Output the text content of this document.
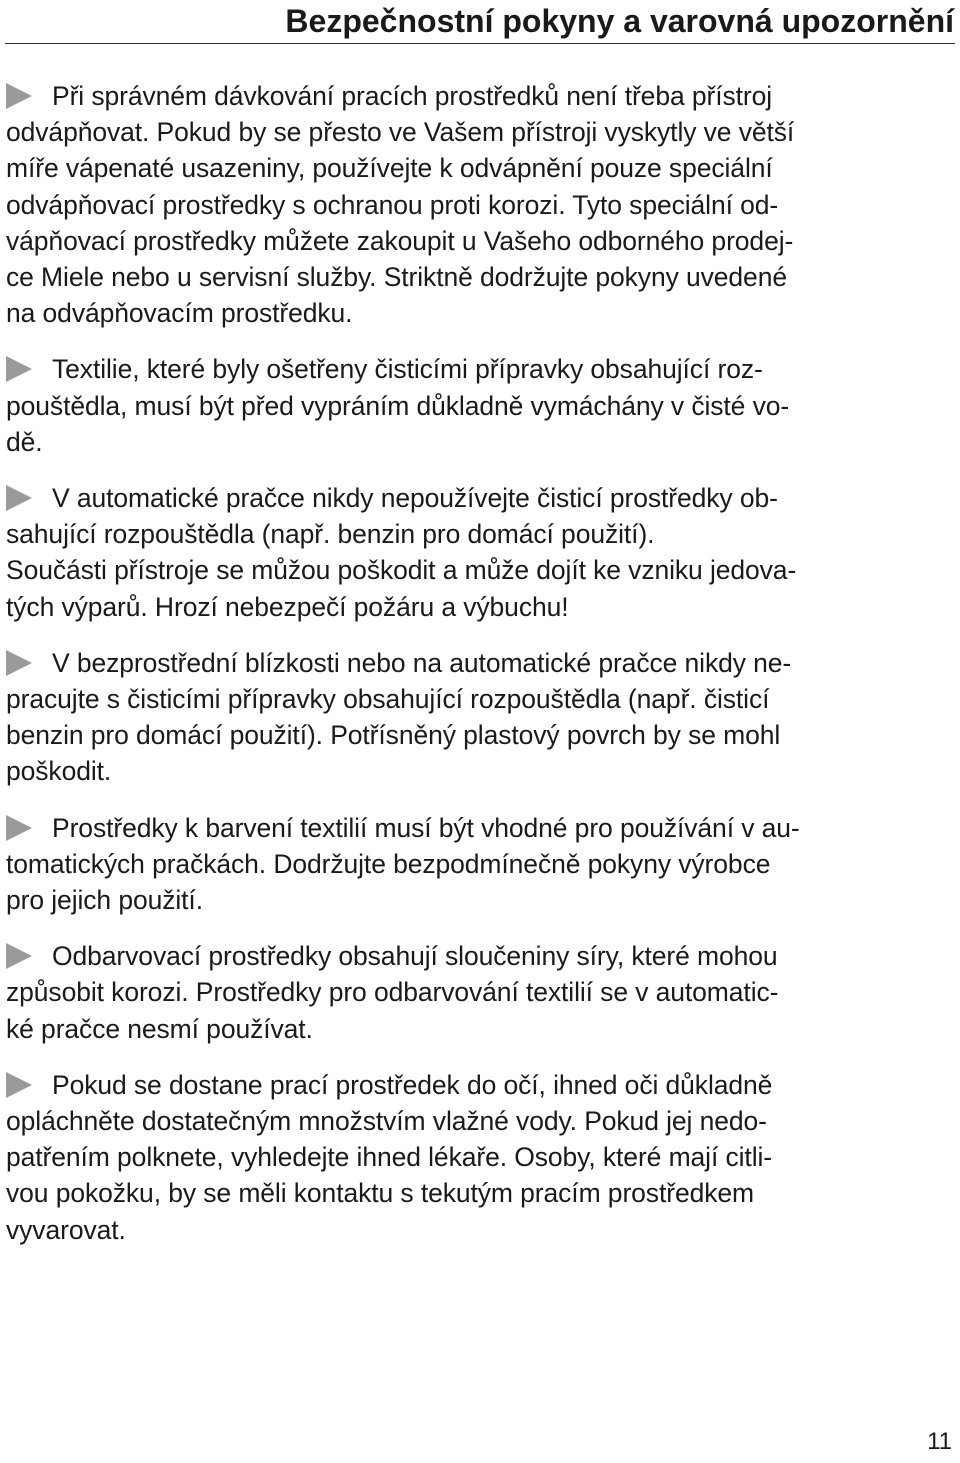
Bezpečnostní pokyny a varovná upozornění

Při správném dávkování pracích prostředků není třeba přístroj
odvápňovat. Pokud by se přesto ve Vašem přístroji vyskytly ve větší
míře vápenaté usazeniny, používejte k odvápnění pouze speciální
odvápňovací prostředky s ochranou proti korozi. Tyto speciální od-
vápňovací prostředky můžete zakoupit u Vašeho odborného prodej-
ce Miele nebo u servisní služby. Striktně dodržujte pokyny uvedené
na odvápňovacím prostředku.

Textilie, které byly ošetřeny čisticími přípravky obsahující roz-
pouštědla, musí být před vypráním důkladně vymáchány v čisté vo-
dě.

V automatické pračce nikdy nepoužívejte čisticí prostředky ob-
sahující rozpouštědla (např. benzin pro domácí použití).
Součásti přístroje se můžou poškodit a může dojít ke vzniku jedova-
tých výparů. Hrozí nebezpečí požáru a výbuchu!

V bezprostřední blízkosti nebo na automatické pračce nikdy ne-
pracujte s čisticími přípravky obsahující rozpouštědla (např. čisticí
benzin pro domácí použití). Potřísněný plastový povrch by se mohl
poškodit.

Prostředky k barvení textilií musí být vhodné pro používání v au-
tomatických pračkách. Dodržujte bezpodmínečně pokyny výrobce
pro jejich použití.

Odbarvovací prostředky obsahují sloučeniny síry, které mohou
způsobit korozi. Prostředky pro odbarvování textilií se v automatic-
ké pračce nesmí používat.

Pokud se dostane prací prostředek do očí, ihned oči důkladně
opláchněte dostatečným množstvím vlažné vody. Pokud jej nedo-
patřením polknete, vyhledejte ihned lékaře. Osoby, které mají citli-
vou pokožku, by se měli kontaktu s tekutým pracím prostředkem
vyvarovat.

11
